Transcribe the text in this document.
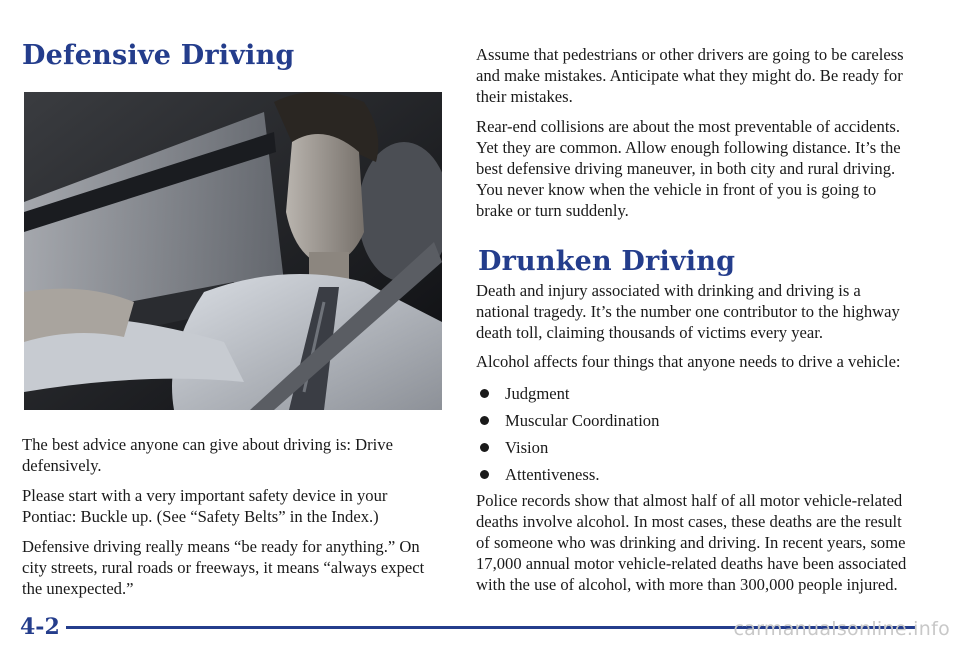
Defensive Driving

The best advice anyone can give about driving is: Drive defensively.

Please start with a very important safety device in your Pontiac: Buckle up. (See “Safety Belts” in the Index.)

Defensive driving really means “be ready for anything.” On city streets, rural roads or freeways, it means “always expect the unexpected.”

Assume that pedestrians or other drivers are going to be careless and make mistakes. Anticipate what they might do. Be ready for their mistakes.

Rear-end collisions are about the most preventable of accidents. Yet they are common. Allow enough following distance. It’s the best defensive driving maneuver, in both city and rural driving. You never know when the vehicle in front of you is going to brake or turn suddenly.

Drunken Driving

Death and injury associated with drinking and driving is a national tragedy. It’s the number one contributor to the highway death toll, claiming thousands of victims every year.

Alcohol affects four things that anyone needs to drive a vehicle:

Judgment
Muscular Coordination
Vision
Attentiveness.

Police records show that almost half of all motor vehicle-related deaths involve alcohol. In most cases, these deaths are the result of someone who was drinking and driving. In recent years, some 17,000 annual motor vehicle-related deaths have been associated with the use of alcohol, with more than 300,000 people injured.

4-2	carmanualsonline.info
